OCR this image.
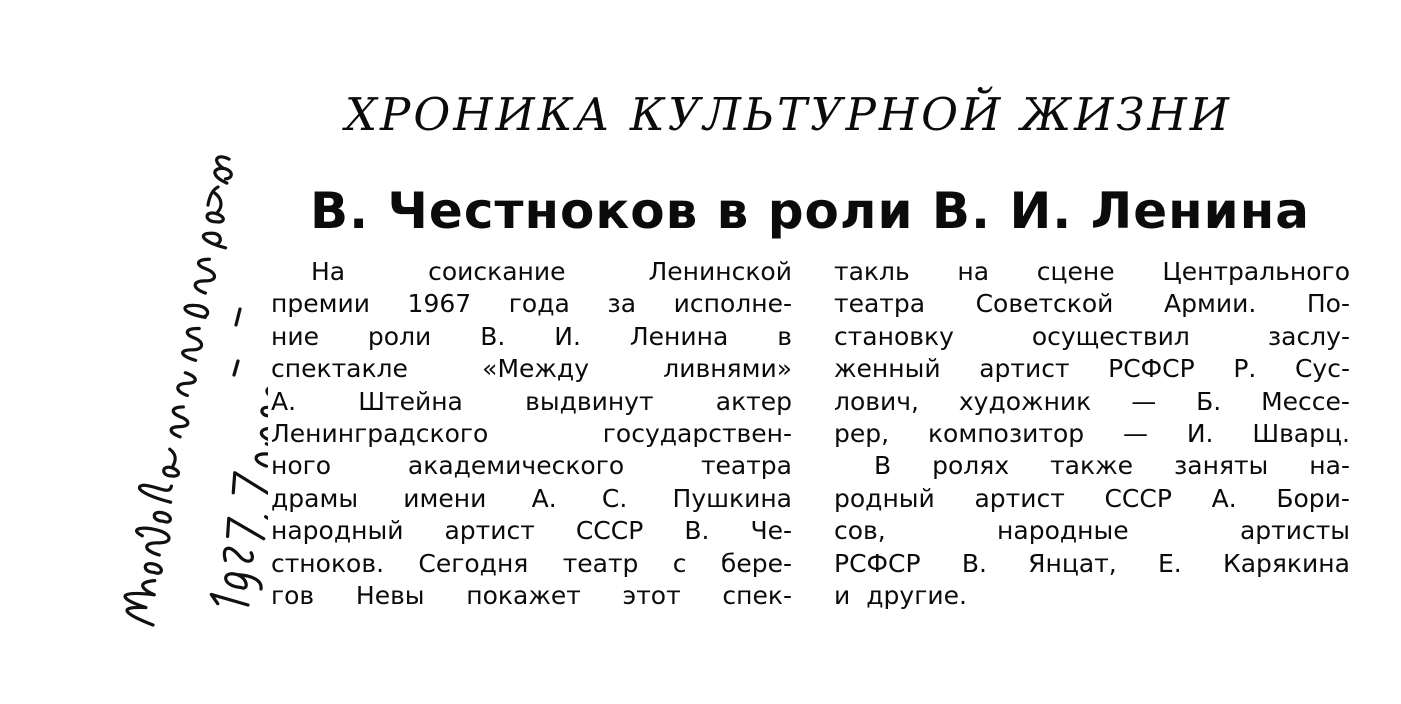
ХРОНИКА КУЛЬТУРНОЙ ЖИЗНИ
В. Честноков в роли В. И. Ленина
На	соискание	Ленинской
премии 1967 года за исполне-
ние роли В. И. Ленина в
спектакле	«Между	ливнями»
А. Штейна выдвинут актер
Ленинградского	государствен-
ного	академического	театра
драмы имени А. С. Пушкина
народный артист СССР В. Че-
стноков. Сегодня театр с бере-
гов Невы покажет этот спек-
такль на сцене Центрального
театра Советской Армии. По-
становку	осуществил	заслу-
женный артист РСФСР Р. Сус-
лович, художник — Б. Мессе-
рер, композитор — И. Шварц.
В ролях также заняты на-
родный артист СССР А. Бори-
сов,	народные	артисты
РСФСР В. Янцат, Е. Карякина
и другие.
